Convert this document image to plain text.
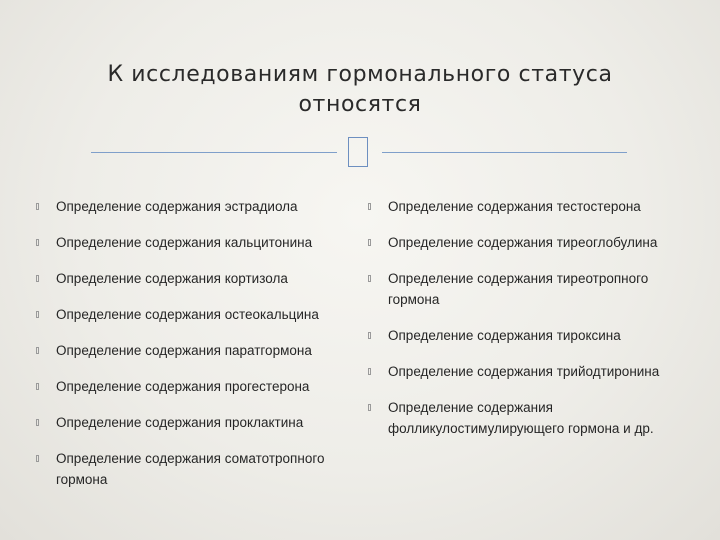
К исследованиям гормонального статуса
относятся
Определение содержания эстрадиола
Определение содержания кальцитонина
Определение содержания кортизола
Определение содержания остеокальцина
Определение содержания паратгормона
Определение содержания прогестерона
Определение содержания проклактина
Определение содержания соматотропного гормона
Определение содержания тестостерона
Определение содержания тиреоглобулина
Определение содержания тиреотропного гормона
Определение содержания тироксина
Определение содержания трийодтиронина
Определение содержания фолликулостимулирующего гормона и др.
